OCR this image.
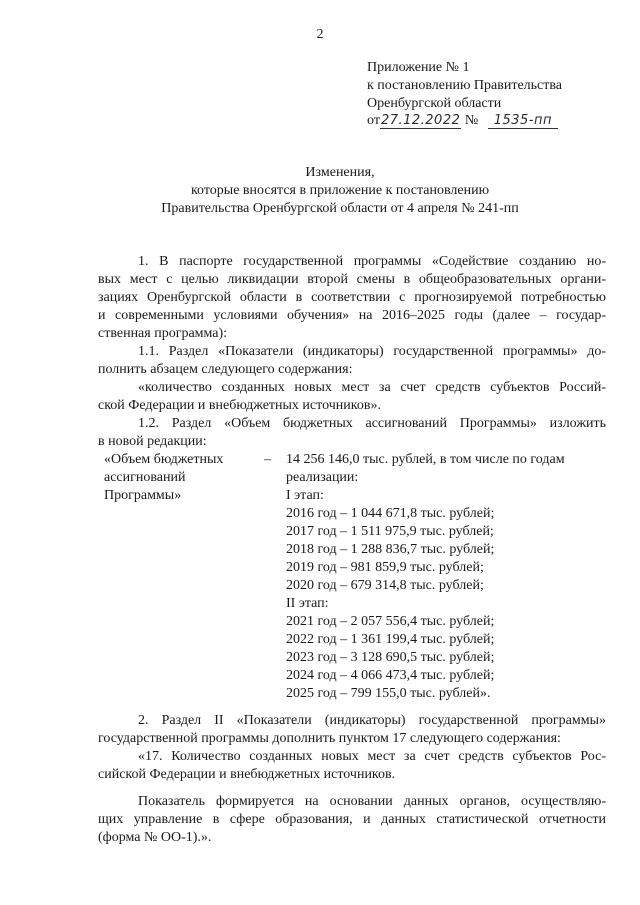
2
Приложение № 1
к постановлению Правительства
Оренбургской области
от27.12.2022 № 1535-пп
Изменения,
которые вносятся в приложение к постановлению
Правительства Оренбургской области от 4 апреля № 241-пп
1. В паспорте государственной программы «Содействие созданию но-
вых мест с целью ликвидации второй смены в общеобразовательных органи-
зациях Оренбургской области в соответствии с прогнозируемой потребностью
и современными условиями обучения» на 2016–2025 годы (далее – государ-
ственная программа):
1.1. Раздел «Показатели (индикаторы) государственной программы» до-
полнить абзацем следующего содержания:
«количество созданных новых мест за счет средств субъектов Россий-
ской Федерации и внебюджетных источников».
1.2. Раздел «Объем бюджетных ассигнований Программы» изложить
в новой редакции:
«Объем бюджетных
ассигнований
Программы»
– 14 256 146,0 тыс. рублей, в том числе по годам
реализации:
I этап:
2016 год – 1 044 671,8 тыс. рублей;
2017 год – 1 511 975,9 тыс. рублей;
2018 год – 1 288 836,7 тыс. рублей;
2019 год – 981 859,9 тыс. рублей;
2020 год – 679 314,8 тыс. рублей;
II этап:
2021 год – 2 057 556,4 тыс. рублей;
2022 год – 1 361 199,4 тыс. рублей;
2023 год – 3 128 690,5 тыс. рублей;
2024 год – 4 066 473,4 тыс. рублей;
2025 год – 799 155,0 тыс. рублей».
2. Раздел II «Показатели (индикаторы) государственной программы»
государственной программы дополнить пунктом 17 следующего содержания:
«17. Количество созданных новых мест за счет средств субъектов Рос-
сийской Федерации и внебюджетных источников.
Показатель формируется на основании данных органов, осуществляю-
щих управление в сфере образования, и данных статистической отчетности
(форма № ОО-1).».
